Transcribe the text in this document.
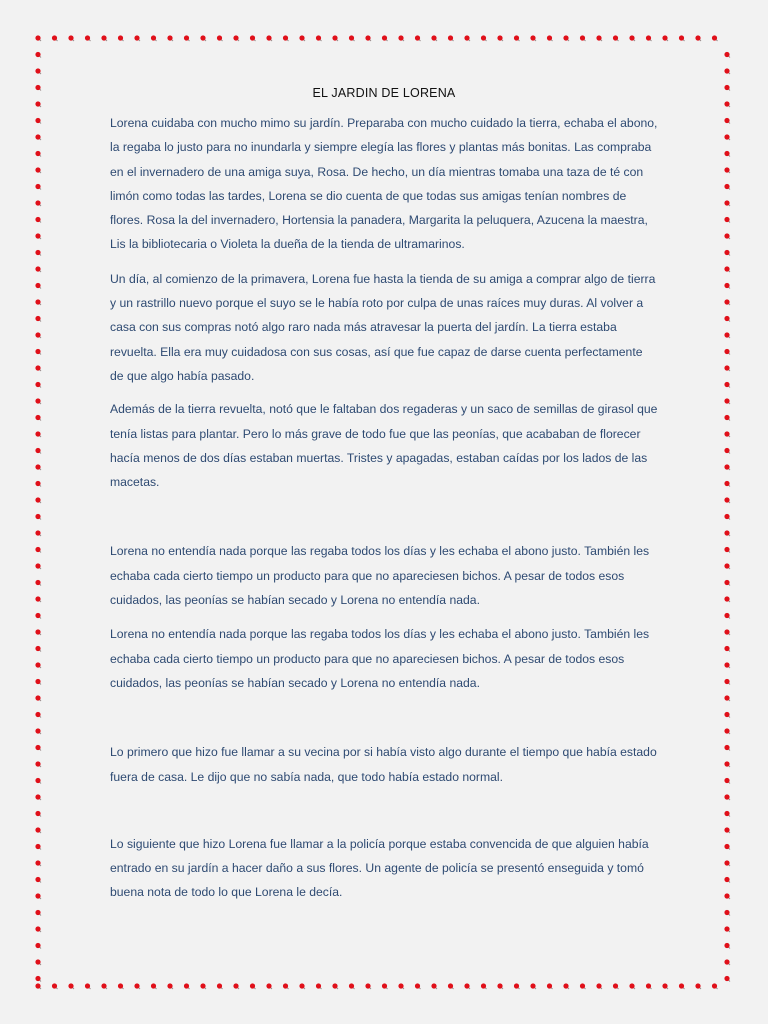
EL JARDIN DE LORENA

Lorena cuidaba con mucho mimo su jardín. Preparaba con mucho cuidado la tierra, echaba el abono, la regaba lo justo para no inundarla y siempre elegía las flores y plantas más bonitas. Las compraba en el invernadero de una amiga suya, Rosa. De hecho, un día mientras tomaba una taza de té con limón como todas las tardes, Lorena se dio cuenta de que todas sus amigas tenían nombres de flores. Rosa la del invernadero, Hortensia la panadera, Margarita la peluquera, Azucena la maestra, Lis la bibliotecaria o Violeta la dueña de la tienda de ultramarinos.

Un día, al comienzo de la primavera, Lorena fue hasta la tienda de su amiga a comprar algo de tierra y un rastrillo nuevo porque el suyo se le había roto por culpa de unas raíces muy duras. Al volver a casa con sus compras notó algo raro nada más atravesar la puerta del jardín. La tierra estaba revuelta. Ella era muy cuidadosa con sus cosas, así que fue capaz de darse cuenta perfectamente de que algo había pasado.

Además de la tierra revuelta, notó que le faltaban dos regaderas y un saco de semillas de girasol que tenía listas para plantar. Pero lo más grave de todo fue que las peonías, que acababan de florecer hacía menos de dos días estaban muertas. Tristes y apagadas, estaban caídas por los lados de las macetas.

Lorena no entendía nada porque las regaba todos los días y les echaba el abono justo. También les echaba cada cierto tiempo un producto para que no apareciesen bichos. A pesar de todos esos cuidados, las peonías se habían secado y Lorena no entendía nada.

Lorena no entendía nada porque las regaba todos los días y les echaba el abono justo. También les echaba cada cierto tiempo un producto para que no apareciesen bichos. A pesar de todos esos cuidados, las peonías se habían secado y Lorena no entendía nada.

Lo primero que hizo fue llamar a su vecina por si había visto algo durante el tiempo que había estado fuera de casa. Le dijo que no sabía nada, que todo había estado normal.

Lo siguiente que hizo Lorena fue llamar a la policía porque estaba convencida de que alguien había entrado en su jardín a hacer daño a sus flores. Un agente de policía se presentó enseguida y tomó buena nota de todo lo que Lorena le decía.
